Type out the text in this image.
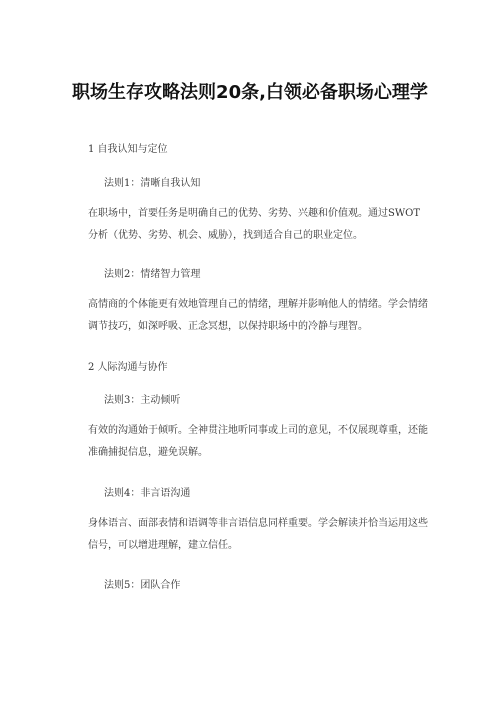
职场生存攻略法则20条,白领必备职场心理学
1 自我认知与定位
法则1：清晰自我认知
在职场中，首要任务是明确自己的优势、劣势、兴趣和价值观。通过SWOT分析（优势、劣势、机会、威胁），找到适合自己的职业定位。
法则2：情绪智力管理
高情商的个体能更有效地管理自己的情绪，理解并影响他人的情绪。学会情绪调节技巧，如深呼吸、正念冥想，以保持职场中的冷静与理智。
2 人际沟通与协作
法则3：主动倾听
有效的沟通始于倾听。全神贯注地听同事或上司的意见，不仅展现尊重，还能准确捕捉信息，避免误解。
法则4：非言语沟通
身体语言、面部表情和语调等非言语信息同样重要。学会解读并恰当运用这些信号，可以增进理解，建立信任。
法则5：团队合作
